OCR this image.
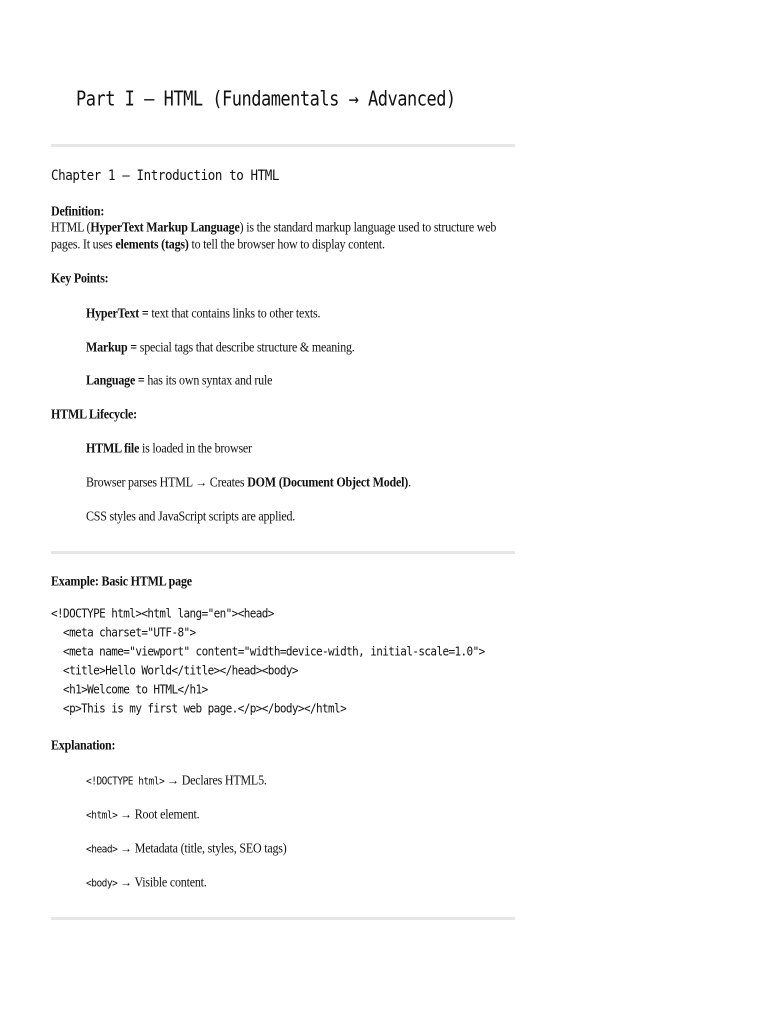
Part I — HTML (Fundamentals → Advanced)
Chapter 1 — Introduction to HTML
Definition:
HTML (HyperText Markup Language) is the standard markup language used to structure web
pages. It uses elements (tags) to tell the browser how to display content.
Key Points:
HyperText = text that contains links to other texts.
Markup = special tags that describe structure & meaning.
Language = has its own syntax and rule
HTML Lifecycle:
HTML file is loaded in the browser
Browser parses HTML → Creates DOM (Document Object Model).
CSS styles and JavaScript scripts are applied.
Example: Basic HTML page
<!DOCTYPE html><html lang="en"><head>
<meta charset="UTF-8">
<meta name="viewport" content="width=device-width, initial-scale=1.0">
<title>Hello World</title></head><body>
<h1>Welcome to HTML</h1>
<p>This is my first web page.</p></body></html>
Explanation:
<!DOCTYPE html> → Declares HTML5.
<html> → Root element.
<head> → Metadata (title, styles, SEO tags)
<body> → Visible content.
